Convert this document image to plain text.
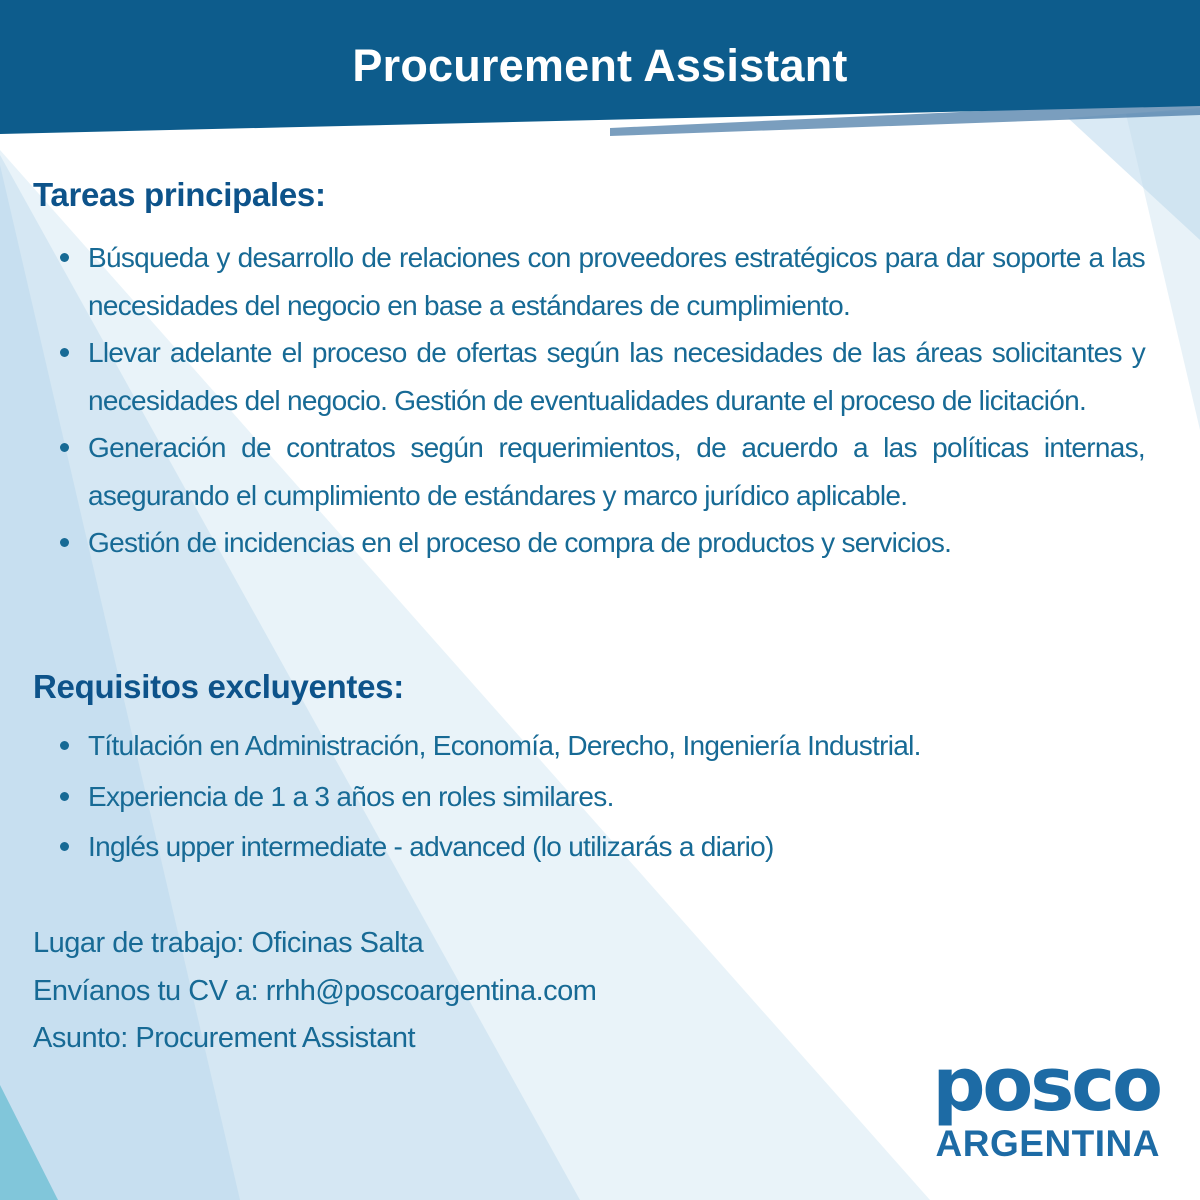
Procurement Assistant
Tareas principales:
Búsqueda y desarrollo de relaciones con proveedores estratégicos para dar soporte a las necesidades del negocio en base a estándares de cumplimiento.
Llevar adelante el proceso de ofertas según las necesidades de las áreas solicitantes y necesidades del negocio. Gestión de eventualidades durante el proceso de licitación.
Generación de contratos según requerimientos, de acuerdo a las políticas internas, asegurando el cumplimiento de estándares y marco jurídico aplicable.
Gestión de incidencias en el proceso de compra de productos y servicios.
Requisitos excluyentes:
Títulación en Administración, Economía, Derecho, Ingeniería Industrial.
Experiencia de 1 a 3 años en roles similares.
Inglés upper intermediate - advanced (lo utilizarás a diario)
Lugar de trabajo: Oficinas Salta
Envíanos tu CV a: rrhh@poscoargentina.com
Asunto: Procurement Assistant
posco
ARGENTINA
